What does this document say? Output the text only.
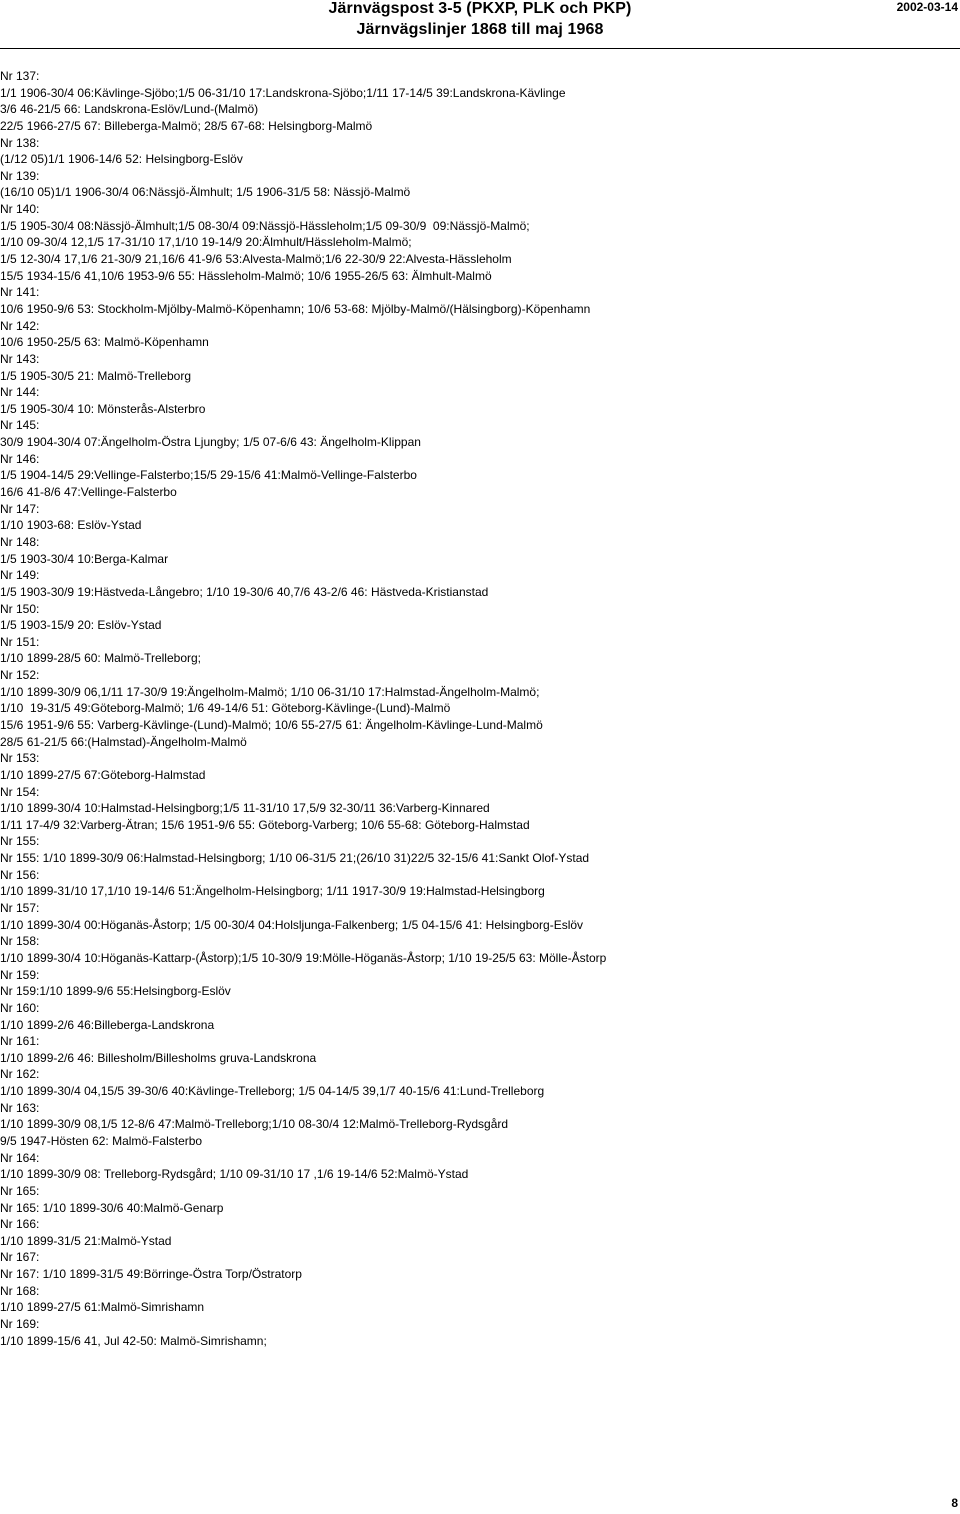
Järnvägspost 3-5 (PKXP, PLK och PKP)
Järnvägslinjer 1868 till maj 1968
2002-03-14
Nr 137:
1/1 1906-30/4 06:Kävlinge-Sjöbo;1/5 06-31/10 17:Landskrona-Sjöbo;1/11 17-14/5 39:Landskrona-Kävlinge
3/6 46-21/5 66: Landskrona-Eslöv/Lund-(Malmö)
22/5 1966-27/5 67: Billeberga-Malmö; 28/5 67-68: Helsingborg-Malmö
Nr 138:
(1/12 05)1/1 1906-14/6 52: Helsingborg-Eslöv
Nr 139:
(16/10 05)1/1 1906-30/4 06:Nässjö-Älmhult; 1/5 1906-31/5 58: Nässjö-Malmö
Nr 140:
1/5 1905-30/4 08:Nässjö-Älmhult;1/5 08-30/4 09:Nässjö-Hässleholm;1/5 09-30/9  09:Nässjö-Malmö;
1/10 09-30/4 12,1/5 17-31/10 17,1/10 19-14/9 20:Älmhult/Hässleholm-Malmö;
1/5 12-30/4 17,1/6 21-30/9 21,16/6 41-9/6 53:Alvesta-Malmö;1/6 22-30/9 22:Alvesta-Hässleholm
15/5 1934-15/6 41,10/6 1953-9/6 55: Hässleholm-Malmö; 10/6 1955-26/5 63: Älmhult-Malmö
Nr 141:
10/6 1950-9/6 53: Stockholm-Mjölby-Malmö-Köpenhamn; 10/6 53-68: Mjölby-Malmö/(Hälsingborg)-Köpenhamn
Nr 142:
10/6 1950-25/5 63: Malmö-Köpenhamn
Nr 143:
1/5 1905-30/5 21: Malmö-Trelleborg
Nr 144:
1/5 1905-30/4 10: Mönsterås-Alsterbro
Nr 145:
30/9 1904-30/4 07:Ängelholm-Östra Ljungby; 1/5 07-6/6 43: Ängelholm-Klippan
Nr 146:
1/5 1904-14/5 29:Vellinge-Falsterbo;15/5 29-15/6 41:Malmö-Vellinge-Falsterbo
16/6 41-8/6 47:Vellinge-Falsterbo
Nr 147:
1/10 1903-68: Eslöv-Ystad
Nr 148:
1/5 1903-30/4 10:Berga-Kalmar
Nr 149:
1/5 1903-30/9 19:Hästveda-Långebro; 1/10 19-30/6 40,7/6 43-2/6 46: Hästveda-Kristianstad
Nr 150:
1/5 1903-15/9 20: Eslöv-Ystad
Nr 151:
1/10 1899-28/5 60: Malmö-Trelleborg;
Nr 152:
1/10 1899-30/9 06,1/11 17-30/9 19:Ängelholm-Malmö; 1/10 06-31/10 17:Halmstad-Ängelholm-Malmö;
1/10  19-31/5 49:Göteborg-Malmö; 1/6 49-14/6 51: Göteborg-Kävlinge-(Lund)-Malmö
15/6 1951-9/6 55: Varberg-Kävlinge-(Lund)-Malmö; 10/6 55-27/5 61: Ängelholm-Kävlinge-Lund-Malmö
28/5 61-21/5 66:(Halmstad)-Ängelholm-Malmö
Nr 153:
1/10 1899-27/5 67:Göteborg-Halmstad
Nr 154:
1/10 1899-30/4 10:Halmstad-Helsingborg;1/5 11-31/10 17,5/9 32-30/11 36:Varberg-Kinnared
1/11 17-4/9 32:Varberg-Ätran; 15/6 1951-9/6 55: Göteborg-Varberg; 10/6 55-68: Göteborg-Halmstad
Nr 155:
Nr 155: 1/10 1899-30/9 06:Halmstad-Helsingborg; 1/10 06-31/5 21;(26/10 31)22/5 32-15/6 41:Sankt Olof-Ystad
Nr 156:
1/10 1899-31/10 17,1/10 19-14/6 51:Ängelholm-Helsingborg; 1/11 1917-30/9 19:Halmstad-Helsingborg
Nr 157:
1/10 1899-30/4 00:Höganäs-Åstorp; 1/5 00-30/4 04:Holsljunga-Falkenberg; 1/5 04-15/6 41: Helsingborg-Eslöv
Nr 158:
1/10 1899-30/4 10:Höganäs-Kattarp-(Åstorp);1/5 10-30/9 19:Mölle-Höganäs-Åstorp; 1/10 19-25/5 63: Mölle-Åstorp
Nr 159:
Nr 159:1/10 1899-9/6 55:Helsingborg-Eslöv
Nr 160:
1/10 1899-2/6 46:Billeberga-Landskrona
Nr 161:
1/10 1899-2/6 46: Billesholm/Billesholms gruva-Landskrona
Nr 162:
1/10 1899-30/4 04,15/5 39-30/6 40:Kävlinge-Trelleborg; 1/5 04-14/5 39,1/7 40-15/6 41:Lund-Trelleborg
Nr 163:
1/10 1899-30/9 08,1/5 12-8/6 47:Malmö-Trelleborg;1/10 08-30/4 12:Malmö-Trelleborg-Rydsgård
9/5 1947-Hösten 62: Malmö-Falsterbo
Nr 164:
1/10 1899-30/9 08: Trelleborg-Rydsgård; 1/10 09-31/10 17 ,1/6 19-14/6 52:Malmö-Ystad
Nr 165:
Nr 165: 1/10 1899-30/6 40:Malmö-Genarp
Nr 166:
1/10 1899-31/5 21:Malmö-Ystad
Nr 167:
Nr 167: 1/10 1899-31/5 49:Börringe-Östra Torp/Östratorp
Nr 168:
1/10 1899-27/5 61:Malmö-Simrishamn
Nr 169:
1/10 1899-15/6 41, Jul 42-50: Malmö-Simrishamn;
8
